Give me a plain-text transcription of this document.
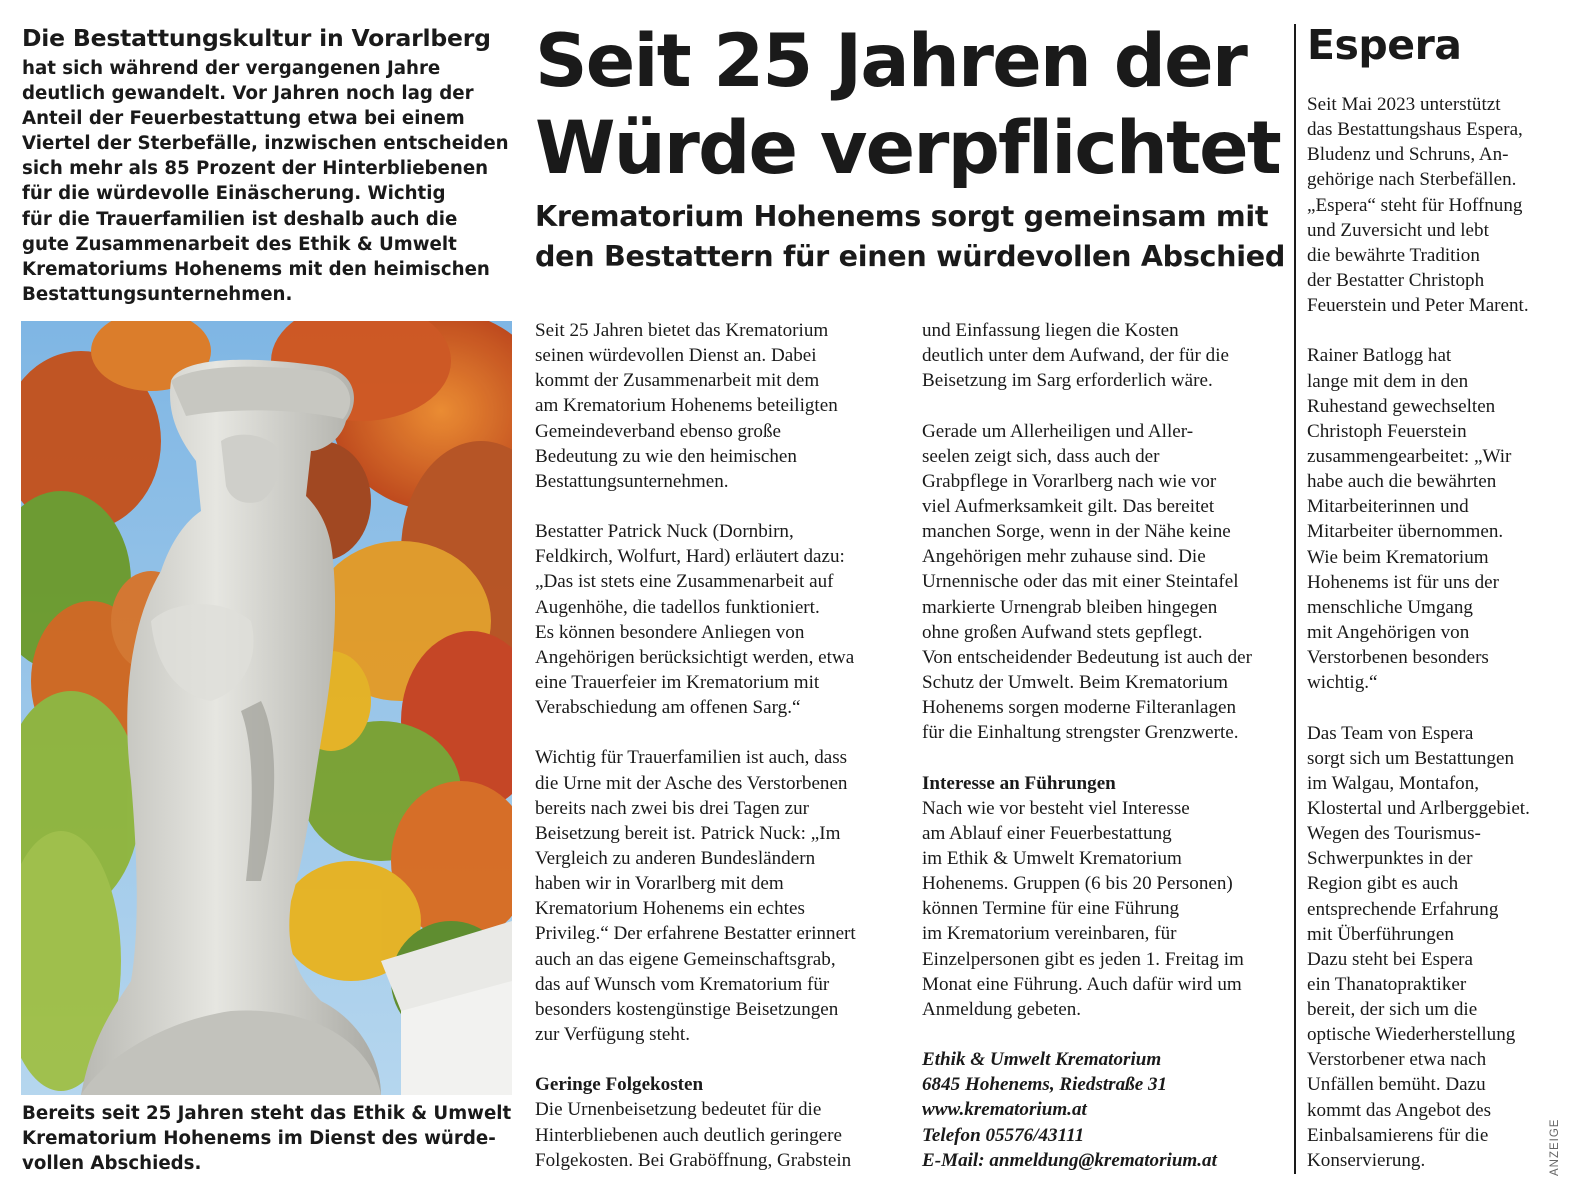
Die Bestattungskultur in Vorarlberg
hat sich während der vergangenen Jahre
deutlich gewandelt. Vor Jahren noch lag der
Anteil der Feuerbestattung etwa bei einem
Viertel der Sterbefälle, inzwischen entscheiden
sich mehr als 85 Prozent der Hinterbliebenen
für die würdevolle Einäscherung. Wichtig
für die Trauerfamilien ist deshalb auch die
gute Zusammenarbeit des Ethik & Umwelt
Krematoriums Hohenems mit den heimischen
Bestattungsunternehmen.
Bereits seit 25 Jahren steht das Ethik & Umwelt
Krematorium Hohenems im Dienst des würde-
vollen Abschieds.
Seit 25 Jahren der
Würde verpflichtet
Krematorium Hohenems sorgt gemeinsam mit
den Bestattern für einen würdevollen Abschied
Seit 25 Jahren bietet das Krematorium
seinen würdevollen Dienst an. Dabei
kommt der Zusammenarbeit mit dem
am Krematorium Hohenems beteiligten
Gemeindeverband ebenso große
Bedeutung zu wie den heimischen
Bestattungsunternehmen.
Bestatter Patrick Nuck (Dornbirn,
Feldkirch, Wolfurt, Hard) erläutert dazu:
„Das ist stets eine Zusammenarbeit auf
Augenhöhe, die tadellos funktioniert.
Es können besondere Anliegen von
Angehörigen berücksichtigt werden, etwa
eine Trauerfeier im Krematorium mit
Verabschiedung am offenen Sarg.“
Wichtig für Trauerfamilien ist auch, dass
die Urne mit der Asche des Verstorbenen
bereits nach zwei bis drei Tagen zur
Beisetzung bereit ist. Patrick Nuck: „Im
Vergleich zu anderen Bundesländern
haben wir in Vorarlberg mit dem
Krematorium Hohenems ein echtes
Privileg.“ Der erfahrene Bestatter erinnert
auch an das eigene Gemeinschaftsgrab,
das auf Wunsch vom Krematorium für
besonders kostengünstige Beisetzungen
zur Verfügung steht.
Geringe Folgekosten
Die Urnenbeisetzung bedeutet für die
Hinterbliebenen auch deutlich geringere
Folgekosten. Bei Graböffnung, Grabstein
und Einfassung liegen die Kosten
deutlich unter dem Aufwand, der für die
Beisetzung im Sarg erforderlich wäre.
Gerade um Allerheiligen und Aller-
seelen zeigt sich, dass auch der
Grabpflege in Vorarlberg nach wie vor
viel Aufmerksamkeit gilt. Das bereitet
manchen Sorge, wenn in der Nähe keine
Angehörigen mehr zuhause sind. Die
Urnennische oder das mit einer Steintafel
markierte Urnengrab bleiben hingegen
ohne großen Aufwand stets gepflegt.
Von entscheidender Bedeutung ist auch der
Schutz der Umwelt. Beim Krematorium
Hohenems sorgen moderne Filteranlagen
für die Einhaltung strengster Grenzwerte.
Interesse an Führungen
Nach wie vor besteht viel Interesse
am Ablauf einer Feuerbestattung
im Ethik & Umwelt Krematorium
Hohenems. Gruppen (6 bis 20 Personen)
können Termine für eine Führung
im Krematorium vereinbaren, für
Einzelpersonen gibt es jeden 1. Freitag im
Monat eine Führung. Auch dafür wird um
Anmeldung gebeten.
Ethik & Umwelt Krematorium
6845 Hohenems, Riedstraße 31
www.krematorium.at
Telefon 05576/43111
E-Mail: anmeldung@krematorium.at
Espera
Seit Mai 2023 unterstützt
das Bestattungshaus Espera,
Bludenz und Schruns, An-
gehörige nach Sterbefällen.
„Espera“ steht für Hoffnung
und Zuversicht und lebt
die bewährte Tradition
der Bestatter Christoph
Feuerstein und Peter Marent.
Rainer Batlogg hat
lange mit dem in den
Ruhestand gewechselten
Christoph Feuerstein
zusammengearbeitet: „Wir
habe auch die bewährten
Mitarbeiterinnen und
Mitarbeiter übernommen.
Wie beim Krematorium
Hohenems ist für uns der
menschliche Umgang
mit Angehörigen von
Verstorbenen besonders
wichtig.“
Das Team von Espera
sorgt sich um Bestattungen
im Walgau, Montafon,
Klostertal und Arlberggebiet.
Wegen des Tourismus-
Schwerpunktes in der
Region gibt es auch
entsprechende Erfahrung
mit Überführungen
Dazu steht bei Espera
ein Thanatopraktiker
bereit, der sich um die
optische Wiederherstellung
Verstorbener etwa nach
Unfällen bemüht. Dazu
kommt das Angebot des
Einbalsamierens für die
Konservierung.	ANZEIGE
